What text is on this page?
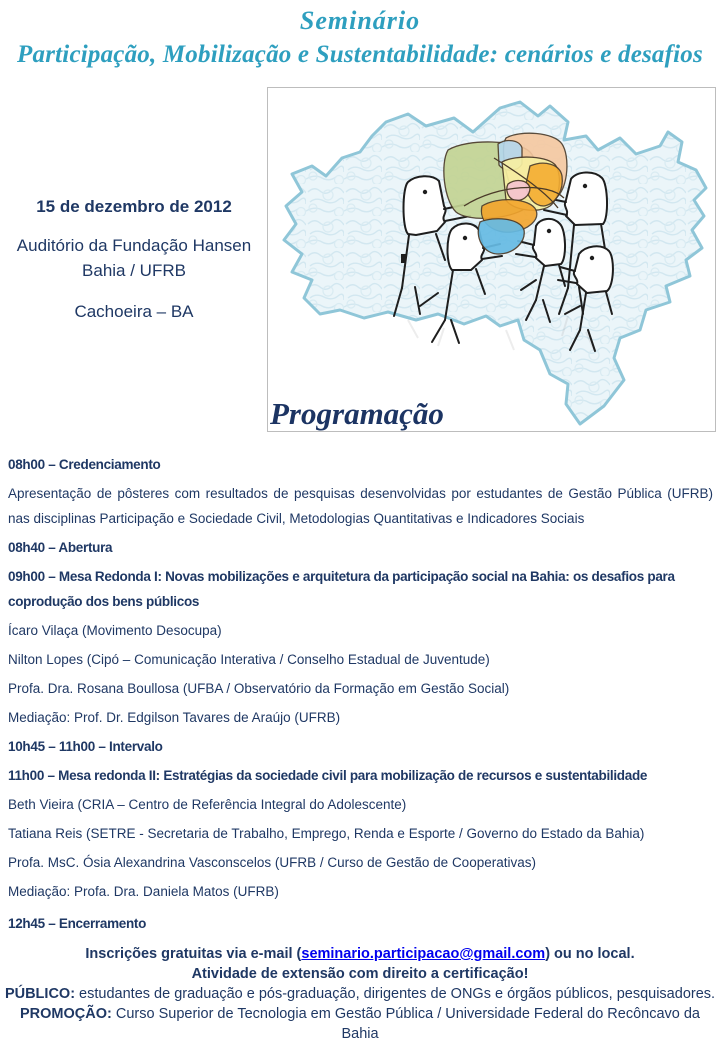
Seminário
Participação, Mobilização e Sustentabilidade: cenários e desafios
15 de dezembro de 2012
Auditório da Fundação Hansen
Bahia / UFRB
Cachoeira – BA
Programação
08h00 – Credenciamento
Apresentação de pôsteres com resultados de pesquisas desenvolvidas por estudantes de Gestão Pública (UFRB) nas disciplinas Participação e Sociedade Civil, Metodologias Quantitativas e Indicadores Sociais
08h40 – Abertura
09h00 – Mesa Redonda I: Novas mobilizações e arquitetura da participação social na Bahia: os desafios para coprodução dos bens públicos
Ícaro Vilaça (Movimento Desocupa)
Nilton Lopes (Cipó – Comunicação Interativa / Conselho Estadual de Juventude)
Profa. Dra. Rosana Boullosa (UFBA / Observatório da Formação em Gestão Social)
Mediação: Prof. Dr. Edgilson Tavares de Araújo (UFRB)
10h45 – 11h00 – Intervalo
11h00 – Mesa redonda II: Estratégias da sociedade civil para mobilização de recursos e sustentabilidade
Beth Vieira (CRIA – Centro de Referência Integral do Adolescente)
Tatiana Reis (SETRE - Secretaria de Trabalho, Emprego, Renda e Esporte / Governo do Estado da Bahia)
Profa. MsC. Ósia Alexandrina Vasconscelos (UFRB / Curso de Gestão de Cooperativas)
Mediação: Profa. Dra. Daniela Matos (UFRB)
12h45 – Encerramento
Inscrições gratuitas via e-mail (seminario.participacao@gmail.com) ou no local.
Atividade de extensão com direito a certificação!
PÚBLICO: estudantes de graduação e pós-graduação, dirigentes de ONGs e órgãos públicos, pesquisadores.
PROMOÇÃO: Curso Superior de Tecnologia em Gestão Pública / Universidade Federal do Recôncavo da Bahia
